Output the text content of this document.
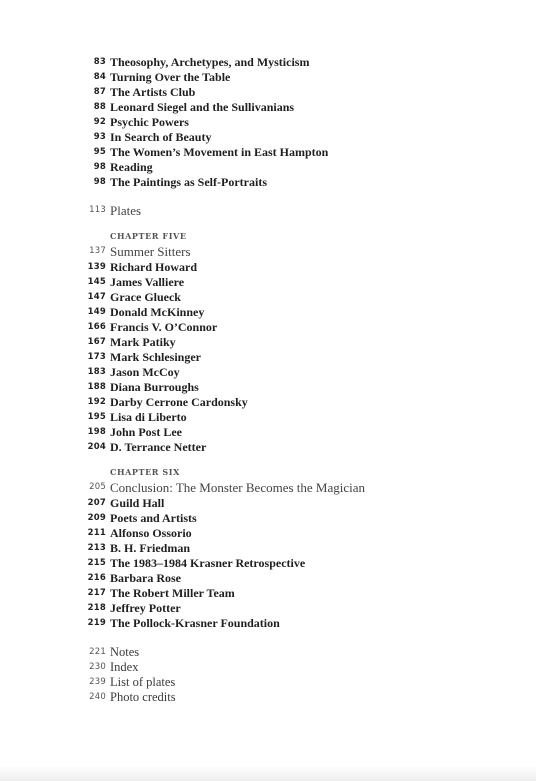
83 Theosophy, Archetypes, and Mysticism
84 Turning Over the Table
87 The Artists Club
88 Leonard Siegel and the Sullivanians
92 Psychic Powers
93 In Search of Beauty
95 The Women’s Movement in East Hampton
98 Reading
98 The Paintings as Self-Portraits
113 Plates
CHAPTER FIVE
137 Summer Sitters
139 Richard Howard
145 James Valliere
147 Grace Glueck
149 Donald McKinney
166 Francis V. O’Connor
167 Mark Patiky
173 Mark Schlesinger
183 Jason McCoy
188 Diana Burroughs
192 Darby Cerrone Cardonsky
195 Lisa di Liberto
198 John Post Lee
204 D. Terrance Netter
CHAPTER SIX
205 Conclusion: The Monster Becomes the Magician
207 Guild Hall
209 Poets and Artists
211 Alfonso Ossorio
213 B. H. Friedman
215 The 1983–1984 Krasner Retrospective
216 Barbara Rose
217 The Robert Miller Team
218 Jeffrey Potter
219 The Pollock-Krasner Foundation
221 Notes
230 Index
239 List of plates
240 Photo credits
